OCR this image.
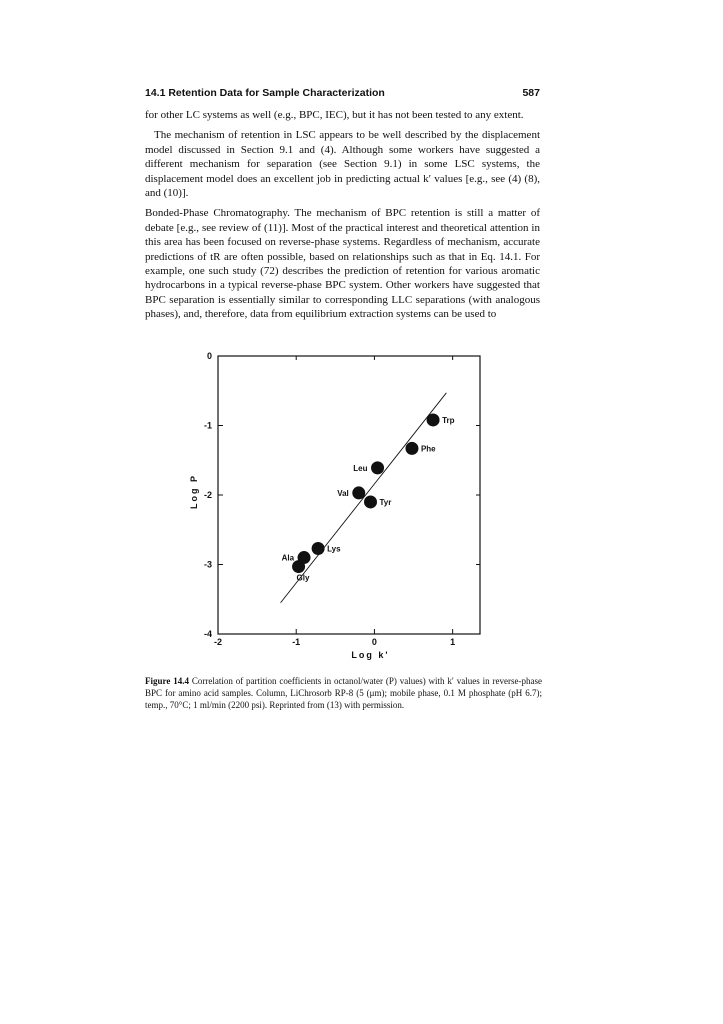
14.1 Retention Data for Sample Characterization	587

for other LC systems as well (e.g., BPC, IEC), but it has not been tested to any extent.

The mechanism of retention in LSC appears to be well described by the displacement model discussed in Section 9.1 and (4). Although some workers have suggested a different mechanism for separation (see Section 9.1) in some LSC systems, the displacement model does an excellent job in predicting actual k′ values [e.g., see (4) (8), and (10)].

Bonded-Phase Chromatography. The mechanism of BPC retention is still a matter of debate [e.g., see review of (11)]. Most of the practical interest and theoretical attention in this area has been focused on reverse-phase systems. Regardless of mechanism, accurate predictions of tR are often possible, based on relationships such as that in Eq. 14.1. For example, one such study (72) describes the prediction of retention for various aromatic hydrocarbons in a typical reverse-phase BPC system. Other workers have suggested that BPC separation is essentially similar to corresponding LLC separations (with analogous phases), and, therefore, data from equilibrium extraction systems can be used to

-2	-1	0	1
0
-1
-2
-3
-4
Log k'
Log P
Trp
Phe
Leu
Val
Tyr
Lys
Ala
Gly
Figure 14.4 Correlation of partition coefficients in octanol/water (P) values) with k′ values in reverse-phase BPC for amino acid samples. Column, LiChrosorb RP-8 (5 (μm); mobile phase, 0.1 M phosphate (pH 6.7); temp., 70°C; 1 ml/min (2200 psi). Reprinted from (13) with permission.
